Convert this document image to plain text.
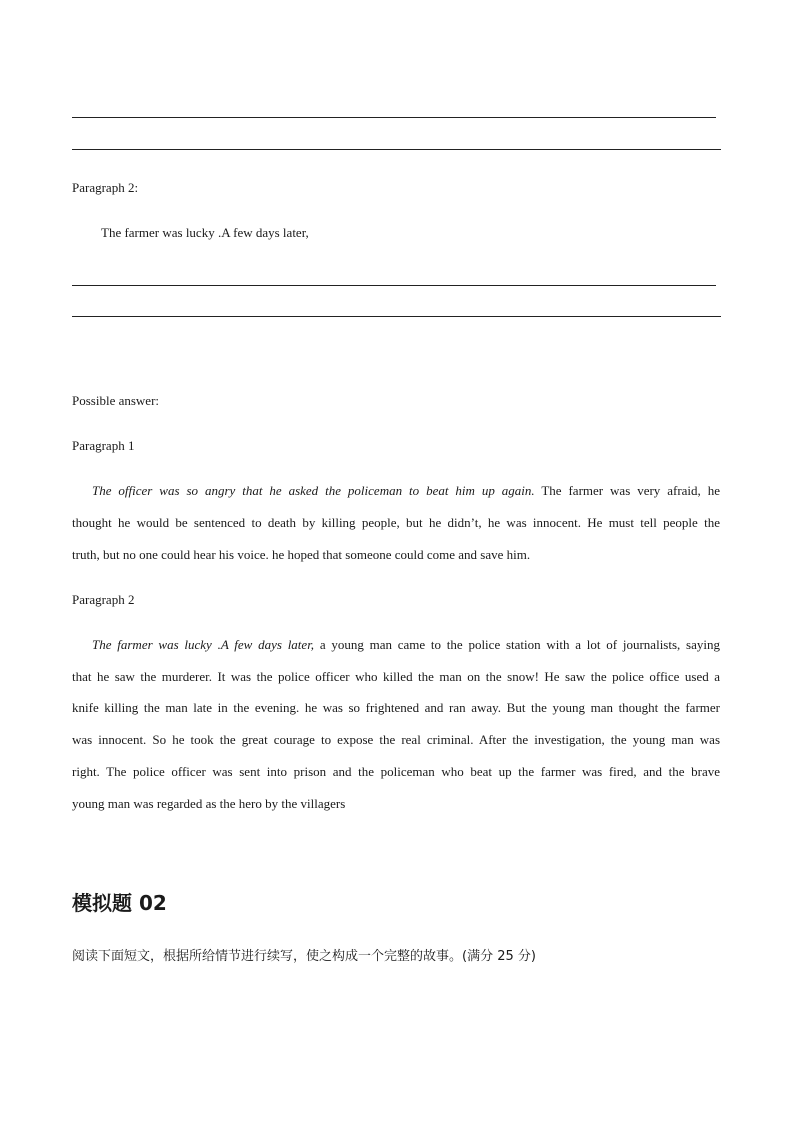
Paragraph 2:
The farmer was lucky .A few days later,
Possible answer:
Paragraph 1
The officer was so angry that he asked the policeman to beat him up again. The farmer was very afraid, he
thought he would be sentenced to death by killing people, but he didn’t, he was innocent. He must tell people the
truth, but no one could hear his voice. he hoped that someone could come and save him.
Paragraph 2
The farmer was lucky .A few days later, a young man came to the police station with a lot of journalists, saying
that he saw the murderer. It was the police officer who killed the man on the snow! He saw the police office used a
knife killing the man late in the evening. he was so frightened and ran away. But the young man thought the farmer
was innocent. So he took the great courage to expose the real criminal. After the investigation, the young man was
right. The police officer was sent into prison and the policeman who beat up the farmer was fired, and the brave
young man was regarded as the hero by the villagers
模拟题 02
阅读下面短文，根据所给情节进行续写，使之构成一个完整的故事。(满分 25 分)
